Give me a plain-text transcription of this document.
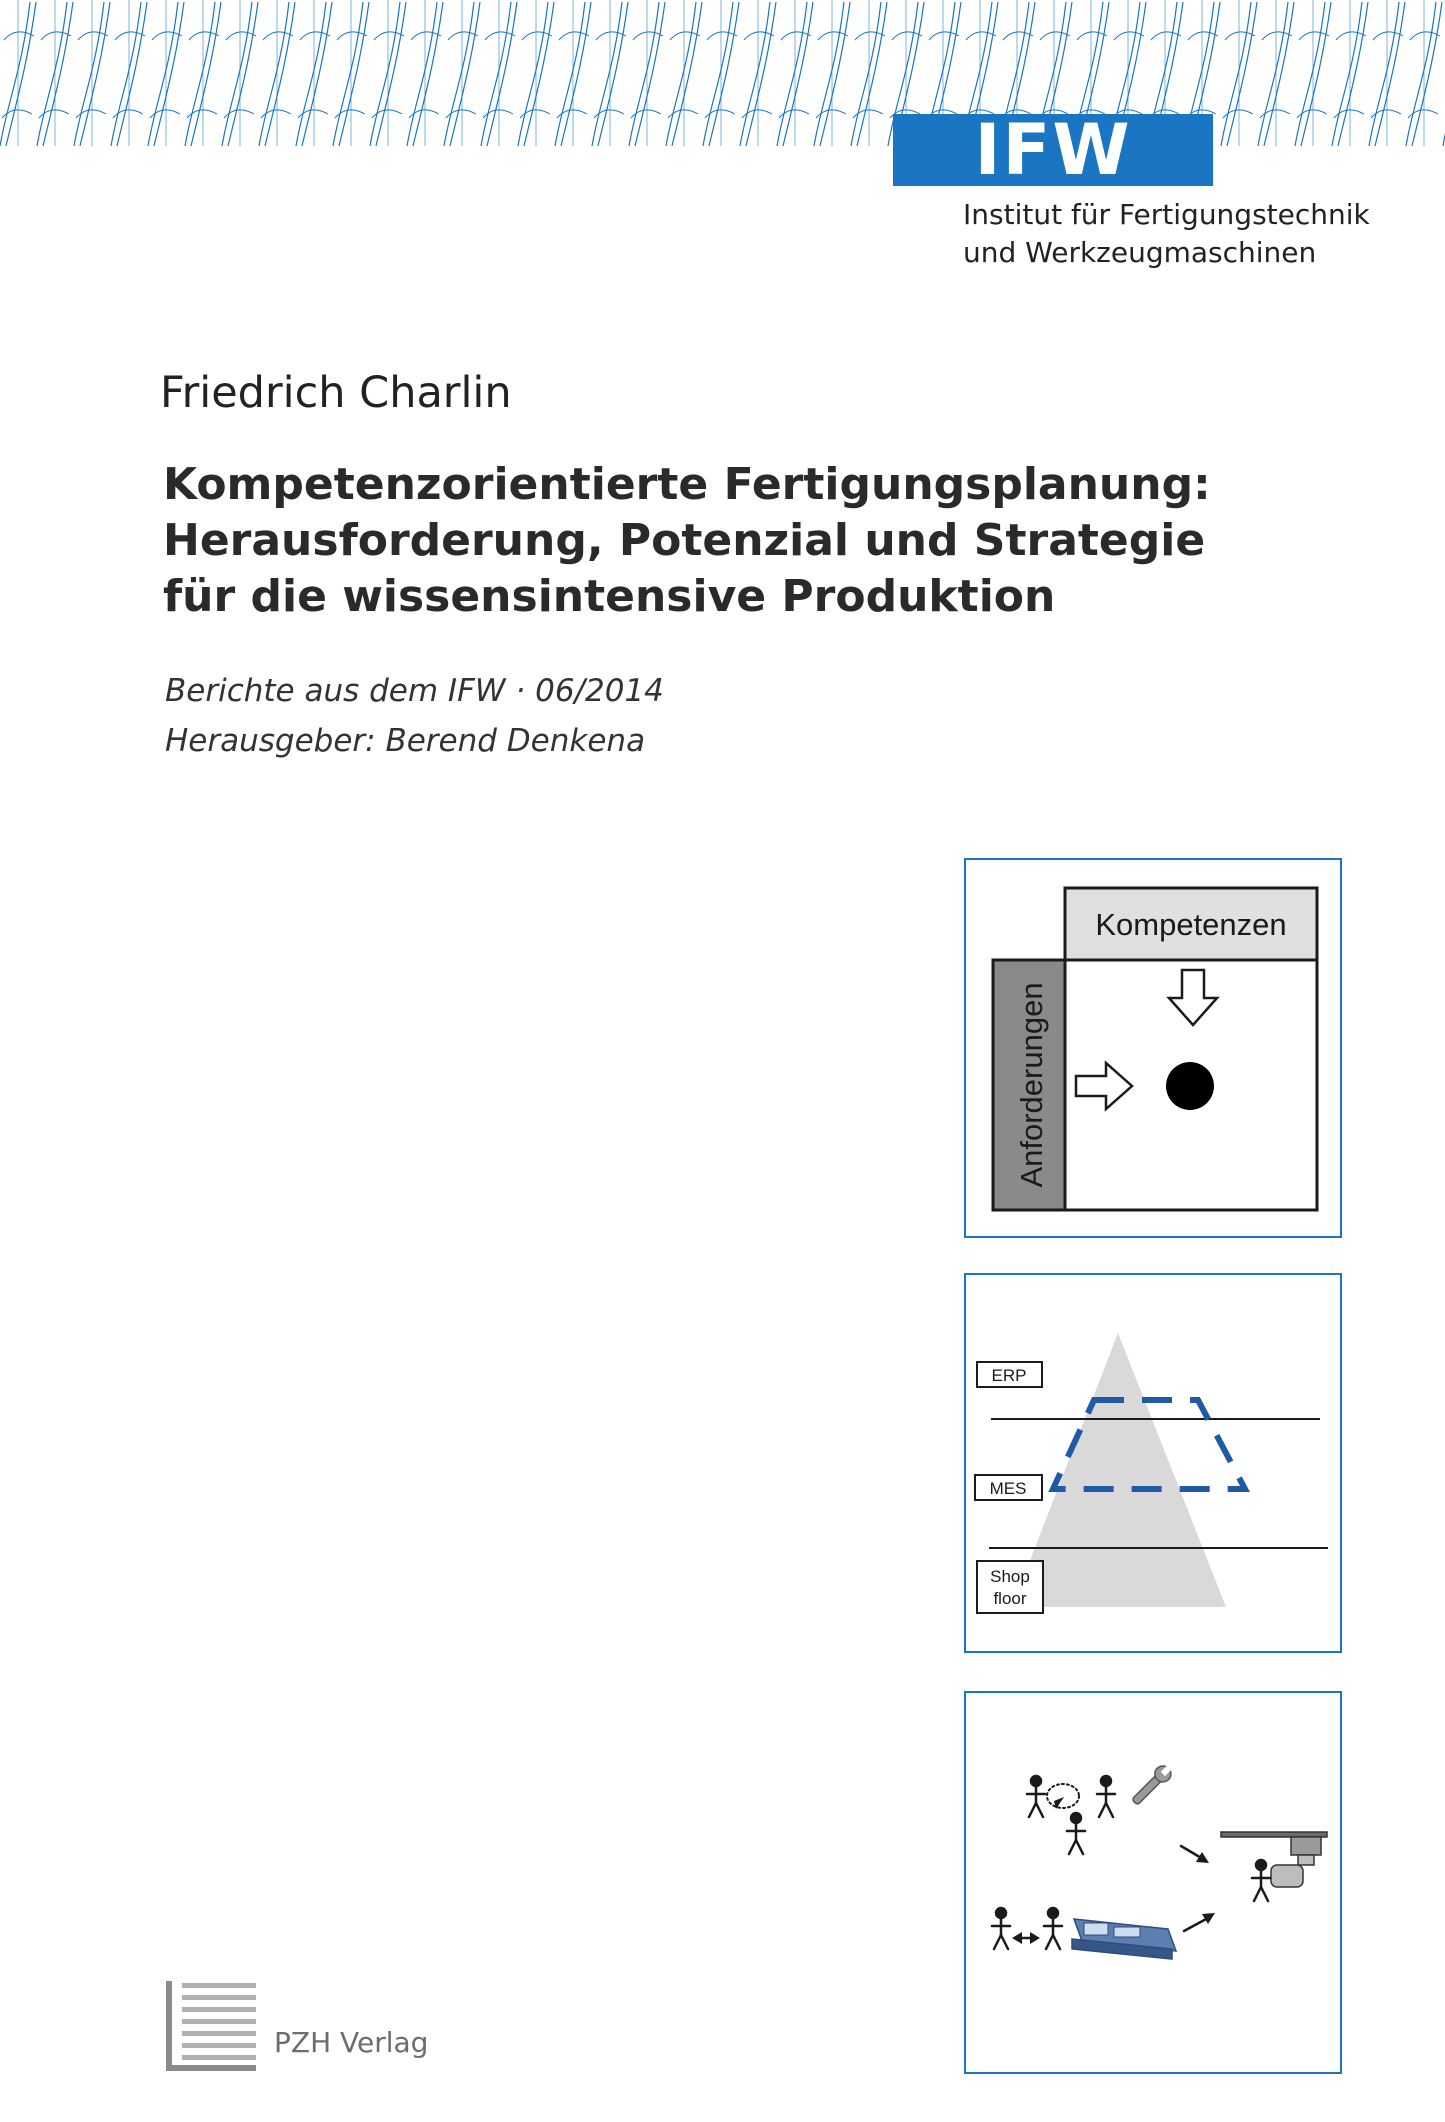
IFW
Institut für Fertigungstechnik
und Werkzeugmaschinen
Friedrich Charlin
Kompetenzorientierte Fertigungsplanung:
Herausforderung, Potenzial und Strategie
für die wissensintensive Produktion
Berichte aus dem IFW · 06/2014
Herausgeber: Berend Denkena
Kompetenzen
Anforderungen
ERP
MES
Shop
floor
PZH Verlag
